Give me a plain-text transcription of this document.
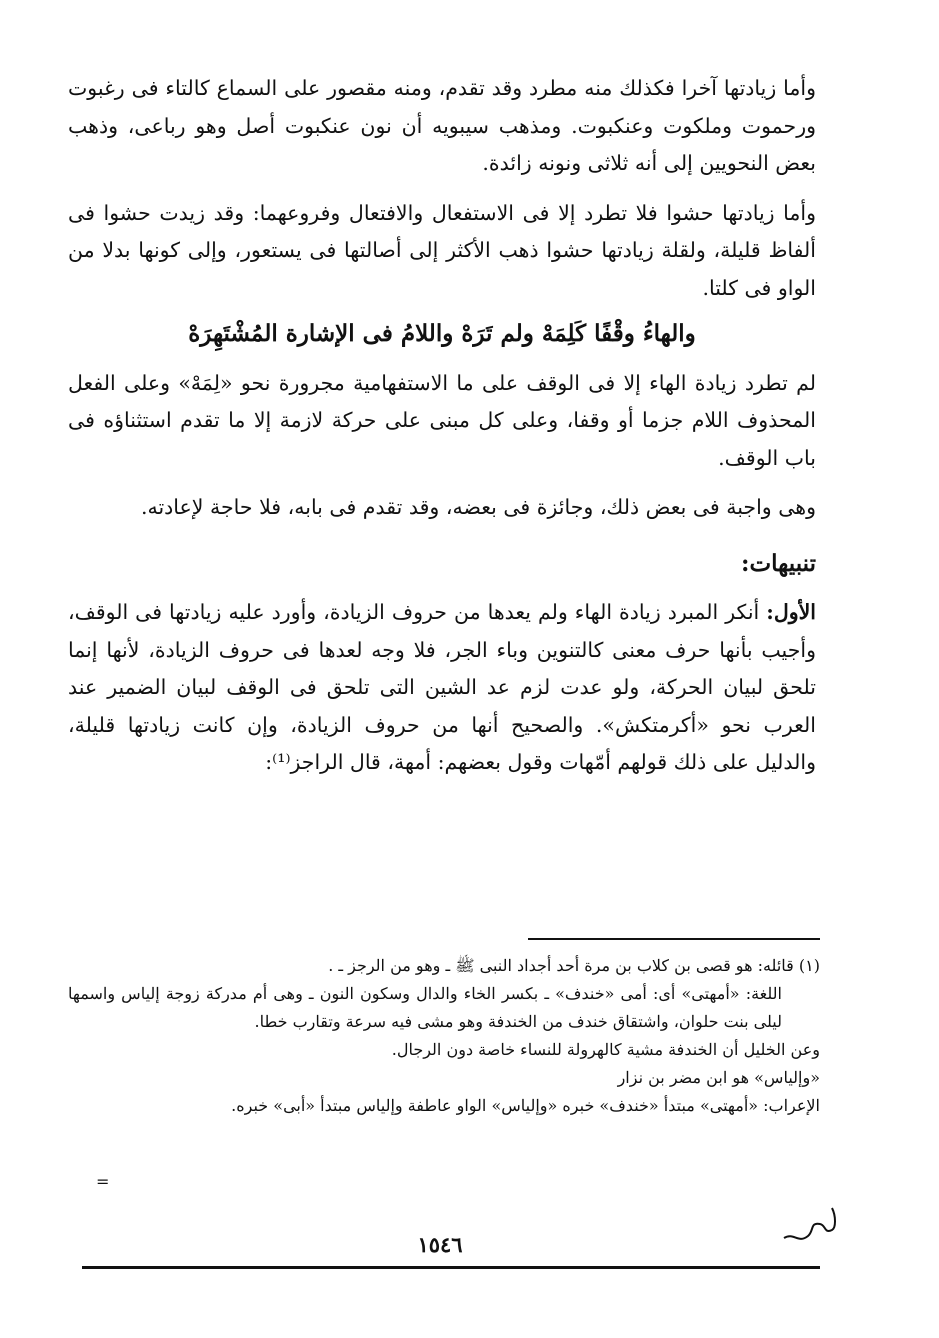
وأما زيادتها آخرا فكذلك منه مطرد وقد تقدم، ومنه مقصور على السماع كالتاء فى رغبوت ورحموت وملكوت وعنكبوت. ومذهب سيبويه أن نون عنكبوت أصل وهو رباعى، وذهب بعض النحويين إلى أنه ثلاثى ونونه زائدة.

وأما زيادتها حشوا فلا تطرد إلا فى الاستفعال والافتعال وفروعهما: وقد زيدت حشوا فى ألفاظ قليلة، ولقلة زيادتها حشوا ذهب الأكثر إلى أصالتها فى يستعور، وإلى كونها بدلا من الواو فى كلتا.

والهاءُ وقْفًا كَلِمَهْ ولم تَرَهْ واللامُ فى الإشارة المُشْتَهِرَهْ

لم تطرد زيادة الهاء إلا فى الوقف على ما الاستفهامية مجرورة نحو «لِمَهْ» وعلى الفعل المحذوف اللام جزما أو وقفا، وعلى كل مبنى على حركة لازمة إلا ما تقدم استثناؤه فى باب الوقف.

وهى واجبة فى بعض ذلك، وجائزة فى بعضه، وقد تقدم فى بابه، فلا حاجة لإعادته.

تنبيهات:

الأول: أنكر المبرد زيادة الهاء ولم يعدها من حروف الزيادة، وأورد عليه زيادتها فى الوقف، وأجيب بأنها حرف معنى كالتنوين وباء الجر، فلا وجه لعدها فى حروف الزيادة، لأنها إنما تلحق لبيان الحركة، ولو عدت لزم عد الشين التى تلحق فى الوقف لبيان الضمير عند العرب نحو «أكرمتكش». والصحيح أنها من حروف الزيادة، وإن كانت زيادتها قليلة، والدليل على ذلك قولهم أمّهات وقول بعضهم: أمهة، قال الراجز⁽¹⁾:

(١) قائله: هو قصى بن كلاب بن مرة أحد أجداد النبى ﷺ ـ وهو من الرجز ـ .

اللغة: «أمهتى» أى: أمى «خندف» ـ بكسر الخاء والدال وسكون النون ـ وهى أم مدركة زوجة إلياس واسمها ليلى بنت حلوان، واشتقاق خندف من الخندفة وهو مشى فيه سرعة وتقارب خطا.

وعن الخليل أن الخندفة مشية كالهرولة للنساء خاصة دون الرجال.

«وإلياس» هو ابن مضر بن نزار

الإعراب: «أمهتى» مبتدأ «خندف» خبره «وإلياس» الواو عاطفة وإلياس مبتدأ «أبى» خبره.

=
١٥٤٦
